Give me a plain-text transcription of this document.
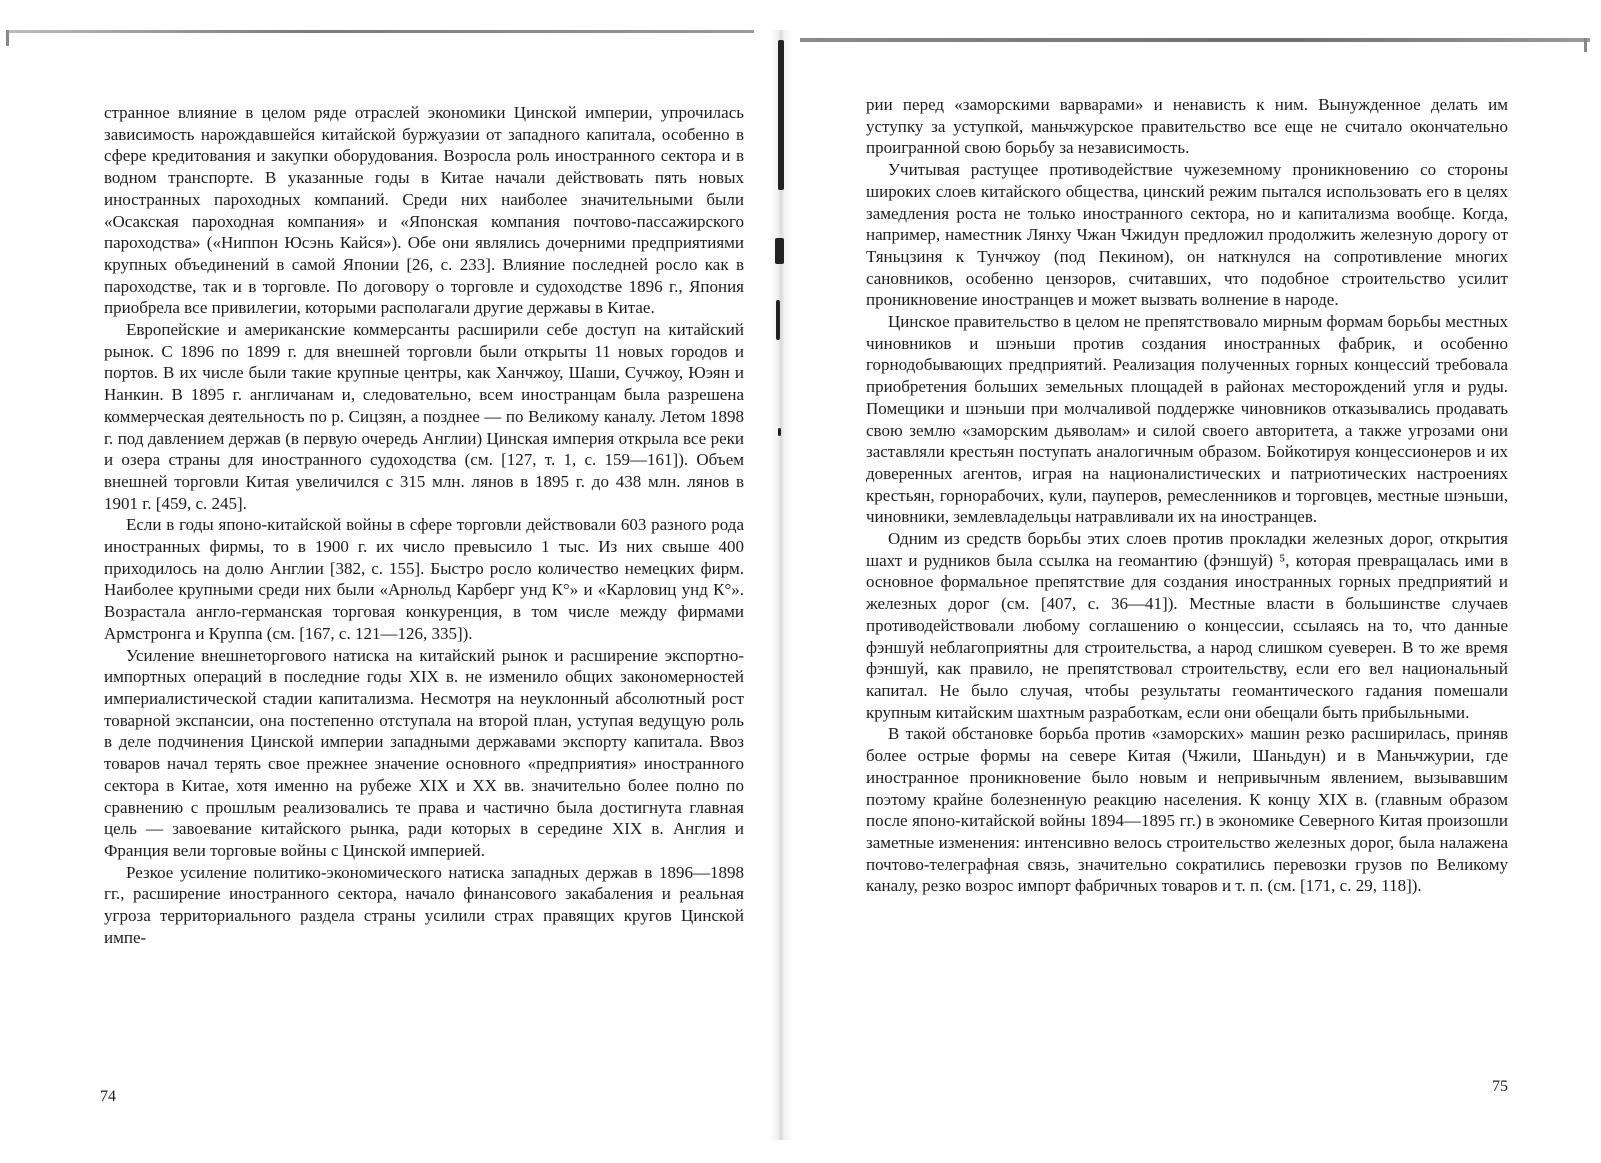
странное влияние в целом ряде отраслей экономики Цинской империи, упрочилась зависимость нарождавшейся китайской буржуазии от западного капитала, особенно в сфере кредитования и закупки оборудования. Возросла роль иностранного сектора и в водном транспорте. В указанные годы в Китае начали действовать пять новых иностранных пароходных компаний. Среди них наиболее значительными были «Осакская пароходная компания» и «Японская компания почтово-пассажирского пароходства» («Ниппон Юсэнь Кайся»). Обе они являлись дочерними предприятиями крупных объединений в самой Японии [26, с. 233]. Влияние последней росло как в пароходстве, так и в торговле. По договору о торговле и судоходстве 1896 г., Япония приобрела все привилегии, которыми располагали другие державы в Китае.

Европейские и американские коммерсанты расширили себе доступ на китайский рынок. С 1896 по 1899 г. для внешней торговли были открыты 11 новых городов и портов. В их числе были такие крупные центры, как Ханчжоу, Шаши, Сучжоу, Юэян и Нанкин. В 1895 г. англичанам и, следовательно, всем иностранцам была разрешена коммерческая деятельность по р. Сицзян, а позднее — по Великому каналу. Летом 1898 г. под давлением держав (в первую очередь Англии) Цинская империя открыла все реки и озера страны для иностранного судоходства (см. [127, т. 1, с. 159—161]). Объем внешней торговли Китая увеличился с 315 млн. лянов в 1895 г. до 438 млн. лянов в 1901 г. [459, с. 245].

Если в годы японо-китайской войны в сфере торговли действовали 603 разного рода иностранных фирмы, то в 1900 г. их число превысило 1 тыс. Из них свыше 400 приходилось на долю Англии [382, с. 155]. Быстро росло количество немецких фирм. Наиболее крупными среди них были «Арнольд Карберг унд К°» и «Карловиц унд К°». Возрастала англо-германская торговая конкуренция, в том числе между фирмами Армстронга и Круппа (см. [167, с. 121—126, 335]).

Усиление внешнеторгового натиска на китайский рынок и расширение экспортно-импортных операций в последние годы XIX в. не изменило общих закономерностей империалистической стадии капитализма. Несмотря на неуклонный абсолютный рост товарной экспансии, она постепенно отступала на второй план, уступая ведущую роль в деле подчинения Цинской империи западными державами экспорту капитала. Ввоз товаров начал терять свое прежнее значение основного «предприятия» иностранного сектора в Китае, хотя именно на рубеже XIX и XX вв. значительно более полно по сравнению с прошлым реализовались те права и частично была достигнута главная цель — завоевание китайского рынка, ради которых в середине XIX в. Англия и Франция вели торговые войны с Цинской империей.

Резкое усиление политико-экономического натиска западных держав в 1896—1898 гг., расширение иностранного сектора, начало финансового закабаления и реальная угроза территориального раздела страны усилили страх правящих кругов Цинской импе-

рии перед «заморскими варварами» и ненависть к ним. Вынужденное делать им уступку за уступкой, маньчжурское правительство все еще не считало окончательно проигранной свою борьбу за независимость.

Учитывая растущее противодействие чужеземному проникновению со стороны широких слоев китайского общества, цинский режим пытался использовать его в целях замедления роста не только иностранного сектора, но и капитализма вообще. Когда, например, наместник Лянху Чжан Чжидун предложил продолжить железную дорогу от Тяньцзиня к Тунчжоу (под Пекином), он наткнулся на сопротивление многих сановников, особенно цензоров, считавших, что подобное строительство усилит проникновение иностранцев и может вызвать волнение в народе.

Цинское правительство в целом не препятствовало мирным формам борьбы местных чиновников и шэньши против создания иностранных фабрик, и особенно горнодобывающих предприятий. Реализация полученных горных концессий требовала приобретения больших земельных площадей в районах месторождений угля и руды. Помещики и шэньши при молчаливой поддержке чиновников отказывались продавать свою землю «заморским дьяволам» и силой своего авторитета, а также угрозами они заставляли крестьян поступать аналогичным образом. Бойкотируя концессионеров и их доверенных агентов, играя на националистических и патриотических настроениях крестьян, горнорабочих, кули, пауперов, ремесленников и торговцев, местные шэньши, чиновники, землевладельцы натравливали их на иностранцев.

Одним из средств борьбы этих слоев против прокладки железных дорог, открытия шахт и рудников была ссылка на геомантию (фэншуй) ⁵, которая превращалась ими в основное формальное препятствие для создания иностранных горных предприятий и железных дорог (см. [407, с. 36—41]). Местные власти в большинстве случаев противодействовали любому соглашению о концессии, ссылаясь на то, что данные фэншуй неблагоприятны для строительства, а народ слишком суеверен. В то же время фэншуй, как правило, не препятствовал строительству, если его вел национальный капитал. Не было случая, чтобы результаты геомантического гадания помешали крупным китайским шахтным разработкам, если они обещали быть прибыльными.

В такой обстановке борьба против «заморских» машин резко расширилась, приняв более острые формы на севере Китая (Чжили, Шаньдун) и в Маньчжурии, где иностранное проникновение было новым и непривычным явлением, вызывавшим поэтому крайне болезненную реакцию населения. К концу XIX в. (главным образом после японо-китайской войны 1894—1895 гг.) в экономике Северного Китая произошли заметные изменения: интенсивно велось строительство железных дорог, была налажена почтово-телеграфная связь, значительно сократились перевозки грузов по Великому каналу, резко возрос импорт фабричных товаров и т. п. (см. [171, с. 29, 118]).

74
75
